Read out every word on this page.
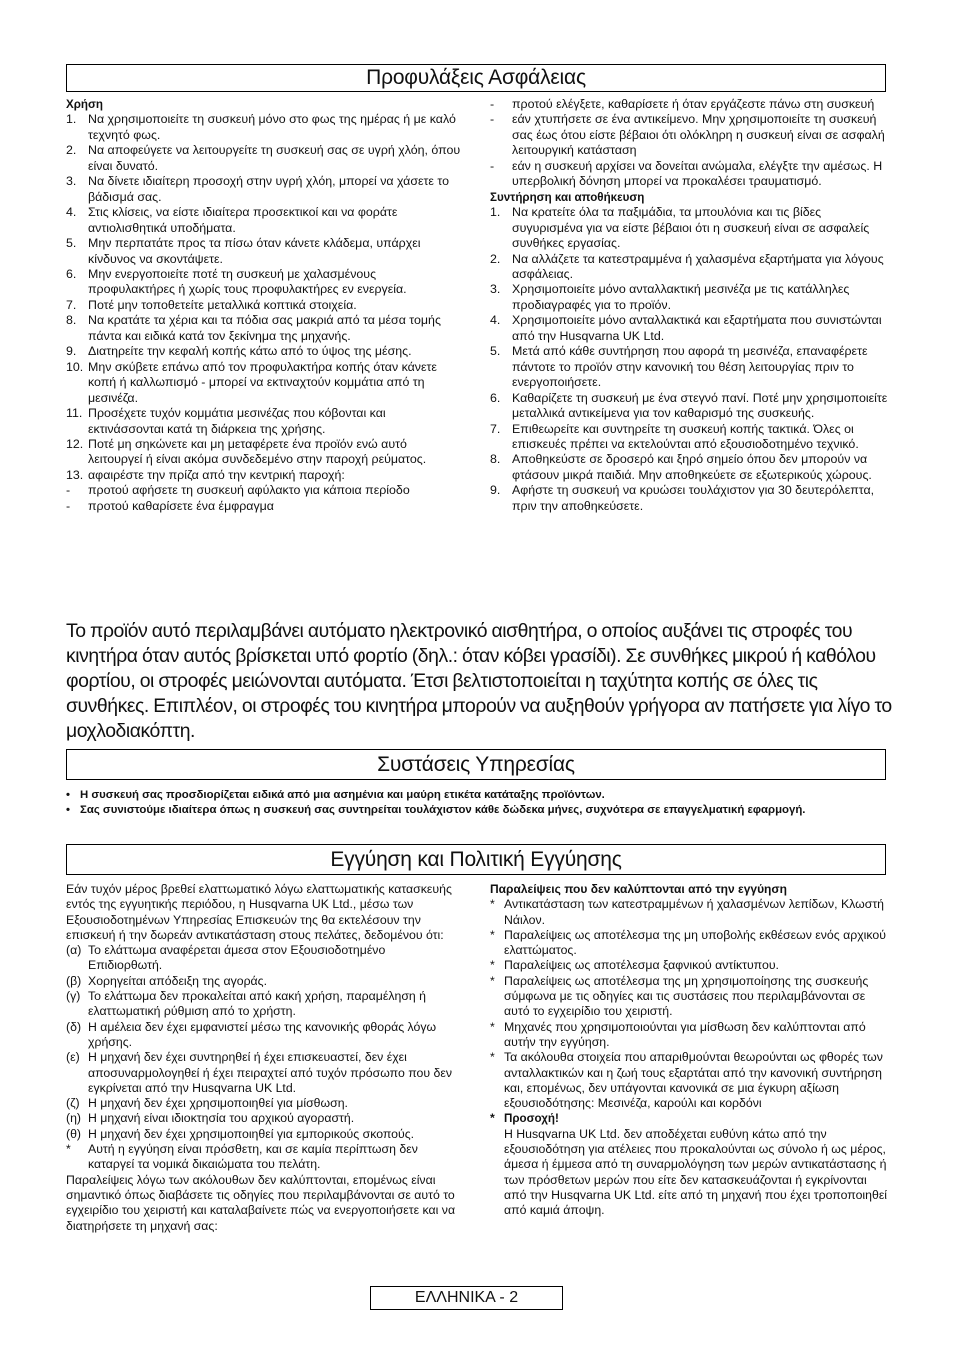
Προφυλάξεις Ασφάλειας

Χρήση

1. Να χρησιμοποιείτε τη συσκευή μόνο στο φως της ημέρας ή με καλό τεχνητό φως.
2. Να αποφεύγετε να λειτουργείτε τη συσκευή σας σε υγρή χλόη, όπου είναι δυνατό.
3. Να δίνετε ιδιαίτερη προσοχή στην υγρή χλόη, μπορεί να χάσετε το βάδισμά σας.
4. Στις κλίσεις, να είστε ιδιαίτερα προσεκτικοί και να φοράτε αντιολισθητικά υποδήματα.
5. Μην περπατάτε προς τα πίσω όταν κάνετε κλάδεμα, υπάρχει κίνδυνος να σκοντάψετε.
6. Μην ενεργοποιείτε ποτέ τη συσκευή με χαλασμένους προφυλακτήρες ή χωρίς τους προφυλακτήρες εν ενεργεία.
7. Ποτέ μην τοποθετείτε μεταλλικά κοπτικά στοιχεία.
8. Να κρατάτε τα χέρια και τα πόδια σας μακριά από τα μέσα τομής πάντα και ειδικά κατά τον ξεκίνημα της μηχανής.
9. Διατηρείτε την κεφαλή κοπής κάτω από το ύψος της μέσης.
10. Μην σκύβετε επάνω από τον προφυλακτήρα κοπής όταν κάνετε κοπή ή καλλωπισμό - μπορεί να εκτιναχτούν κομμάτια από τη μεσινέζα.
11. Προσέχετε τυχόν κομμάτια μεσινέζας που κόβονται και εκτινάσσονται κατά τη διάρκεια της χρήσης.
12. Ποτέ μη σηκώνετε και μη μεταφέρετε ένα προϊόν ενώ αυτό λειτουργεί ή είναι ακόμα συνδεδεμένο στην παροχή ρεύματος.
13. αφαιρέστε την πρίζα από την κεντρική παροχή:
-	προτού αφήσετε τη συσκευή αφύλακτο για κάποια περίοδο
-	προτού καθαρίσετε ένα έμφραγμα
-	προτού ελέγξετε, καθαρίσετε ή όταν εργάζεστε πάνω στη συσκευή
-	εάν χτυπήσετε σε ένα αντικείμενο. Μην χρησιμοποιείτε τη συσκευή σας έως ότου είστε βέβαιοι ότι ολόκληρη η συσκευή είναι σε ασφαλή λειτουργική κατάσταση
-	εάν η συσκευή αρχίσει να δονείται ανώμαλα, ελέγξτε την αμέσως. Η υπερβολική δόνηση μπορεί να προκαλέσει τραυματισμό.

Συντήρηση και αποθήκευση

1. Να κρατείτε όλα τα παξιμάδια, τα μπουλόνια και τις βίδες συγυρισμένα για να είστε βέβαιοι ότι η συσκευή είναι σε ασφαλείς συνθήκες εργασίας.
2. Να αλλάζετε τα κατεστραμμένα ή χαλασμένα εξαρτήματα για λόγους ασφάλειας.
3. Χρησιμοποιείτε μόνο ανταλλακτική μεσινέζα με τις κατάλληλες προδιαγραφές για το προϊόν.
4. Χρησιμοποιείτε μόνο ανταλλακτικά και εξαρτήματα που συνιστώνται από την Husqvarna UK Ltd.
5. Μετά από κάθε συντήρηση που αφορά τη μεσινέζα, επαναφέρετε πάντοτε το προϊόν στην κανονική του θέση λειτουργίας πριν το ενεργοποιήσετε.
6. Καθαρίζετε τη συσκευή με ένα στεγνό πανί. Ποτέ μην χρησιμοποιείτε μεταλλικά αντικείμενα για τον καθαρισμό της συσκευής.
7. Επιθεωρείτε και συντηρείτε τη συσκευή κοπής τακτικά. Όλες οι επισκευές πρέπει να εκτελούνται από εξουσιοδοτημένο τεχνικό.
8. Αποθηκεύστε σε δροσερό και ξηρό σημείο όπου δεν μπορούν να φτάσουν μικρά παιδιά. Μην αποθηκεύετε σε εξωτερικούς χώρους.
9. Αφήστε τη συσκευή να κρυώσει τουλάχιστον για 30 δευτερόλεπτα, πριν την αποθηκεύσετε.
Το προϊόν αυτό περιλαμβάνει αυτόματο ηλεκτρονικό αισθητήρα, ο οποίος αυξάνει τις στροφές του κινητήρα όταν αυτός βρίσκεται υπό φορτίο (δηλ.: όταν κόβει γρασίδι). Σε συνθήκες μικρού ή καθόλου φορτίου, οι στροφές μειώνονται αυτόματα. Έτσι βελτιστοποιείται η ταχύτητα κοπής σε όλες τις συνθήκες. Επιπλέον, οι στροφές του κινητήρα μπορούν να αυξηθούν γρήγορα αν πατήσετε για λίγο το μοχλοδιακόπτη.
Συστάσεις Υπηρεσίας
• Η συσκευή σας προσδιορίζεται ειδικά από μια ασημένια και μαύρη ετικέτα κατάταξης προϊόντων.
• Σας συνιστούμε ιδιαίτερα όπως η συσκευή σας συντηρείται τουλάχιστον κάθε δώδεκα μήνες, συχνότερα σε επαγγελματική εφαρμογή.
Εγγύηση και Πολιτική Εγγύησης

Εάν τυχόν μέρος βρεθεί ελαττωματικό λόγω ελαττωματικής κατασκευής εντός της εγγυητικής περιόδου, η Husqvarna UK Ltd., μέσω των Εξουσιοδοτημένων Υπηρεσίας Επισκευών της θα εκτελέσουν την επισκευή ή την δωρεάν αντικατάσταση στους πελάτες, δεδομένου ότι:

(α) Το ελάττωμα αναφέρεται άμεσα στον Εξουσιοδοτημένο Επιδιορθωτή.
(β) Χορηγείται απόδειξη της αγοράς.
(γ) Το ελάττωμα δεν προκαλείται από κακή χρήση, παραμέληση ή ελαττωματική ρύθμιση από το χρήστη.
(δ) Η αμέλεια δεν έχει εμφανιστεί μέσω της κανονικής φθοράς λόγω χρήσης.
(ε) Η μηχανή δεν έχει συντηρηθεί ή έχει επισκευαστεί, δεν έχει αποσυναρμολογηθεί ή έχει πειραχτεί από τυχόν πρόσωπο που δεν εγκρίνεται από την Husqvarna UK Ltd.
(ζ) Η μηχανή δεν έχει χρησιμοποιηθεί για μίσθωση.
(η) Η μηχανή είναι ιδιοκτησία του αρχικού αγοραστή.
(θ) Η μηχανή δεν έχει χρησιμοποιηθεί για εμπορικούς σκοπούς.
*	Αυτή η εγγύηση είναι πρόσθετη, και σε καμία περίπτωση δεν καταργεί τα νομικά δικαιώματα του πελάτη.

Παραλείψεις λόγω των ακόλουθων δεν καλύπτονται, επομένως είναι σημαντικό όπως διαβάσετε τις οδηγίες που περιλαμβάνονται σε αυτό το εγχειρίδιο του χειριστή και καταλαβαίνετε πώς να ενεργοποιήσετε και να διατηρήσετε τη μηχανή σας:

Παραλείψεις που δεν καλύπτονται από την εγγύηση

* Αντικατάσταση των κατεστραμμένων ή χαλασμένων λεπίδων, Κλωστή Νάιλον.
* Παραλείψεις ως αποτέλεσμα της μη υποβολής εκθέσεων ενός αρχικού ελαττώματος.
* Παραλείψεις ως αποτέλεσμα ξαφνικού αντίκτυπου.
* Παραλείψεις ως αποτέλεσμα της μη χρησιμοποίησης της συσκευής σύμφωνα με τις οδηγίες και τις συστάσεις που περιλαμβάνονται σε αυτό το εγχειρίδιο του χειριστή.
* Μηχανές που χρησιμοποιούνται για μίσθωση δεν καλύπτονται από αυτήν την εγγύηση.
* Τα ακόλουθα στοιχεία που απαριθμούνται θεωρούνται ως φθορές των ανταλλακτικών και η ζωή τους εξαρτάται από την κανονική συντήρηση και, επομένως, δεν υπάγονται κανονικά σε μια έγκυρη αξίωση εξουσιοδότησης: Μεσινέζα, καρούλι και κορδόνι
* Προσοχή!
Η Husqvarna UK Ltd. δεν αποδέχεται ευθύνη κάτω από την εξουσιοδότηση για ατέλειες που προκαλούνται ως σύνολο ή ως μέρος, άμεσα ή έμμεσα από τη συναρμολόγηση των μερών αντικατάστασης ή των πρόσθετων μερών που είτε δεν κατασκευάζονται ή εγκρίνονται από την Husqvarna UK Ltd. είτε από τη μηχανή που έχει τροποποιηθεί από καμιά άποψη.
ΕΛΛΗΝΙΚΑ - 2
